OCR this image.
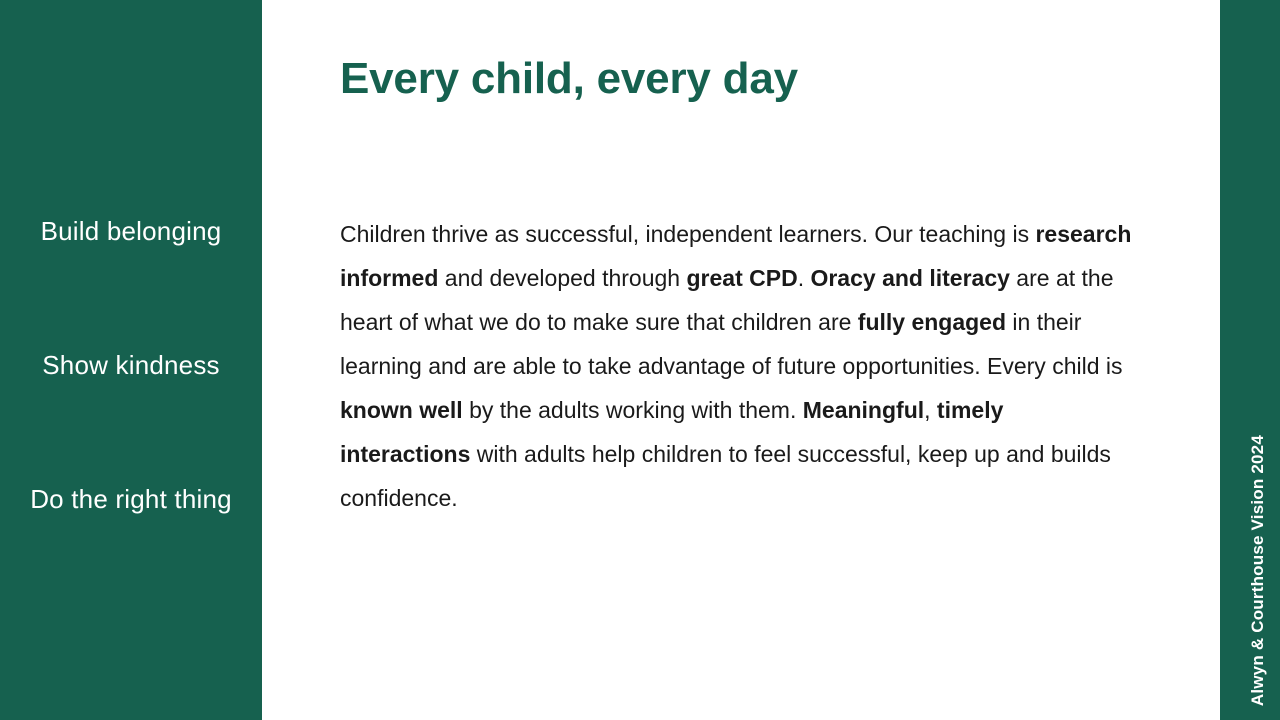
Build belonging
Show kindness
Do the right thing
Every child, every day
Children thrive as successful, independent learners. Our teaching is research informed and developed through great CPD. Oracy and literacy are at the heart of what we do to make sure that children are fully engaged in their learning and are able to take advantage of future opportunities. Every child is known well by the adults working with them. Meaningful, timely interactions with adults help children to feel successful, keep up and builds confidence.	Alwyn & Courthouse Vision 2024
